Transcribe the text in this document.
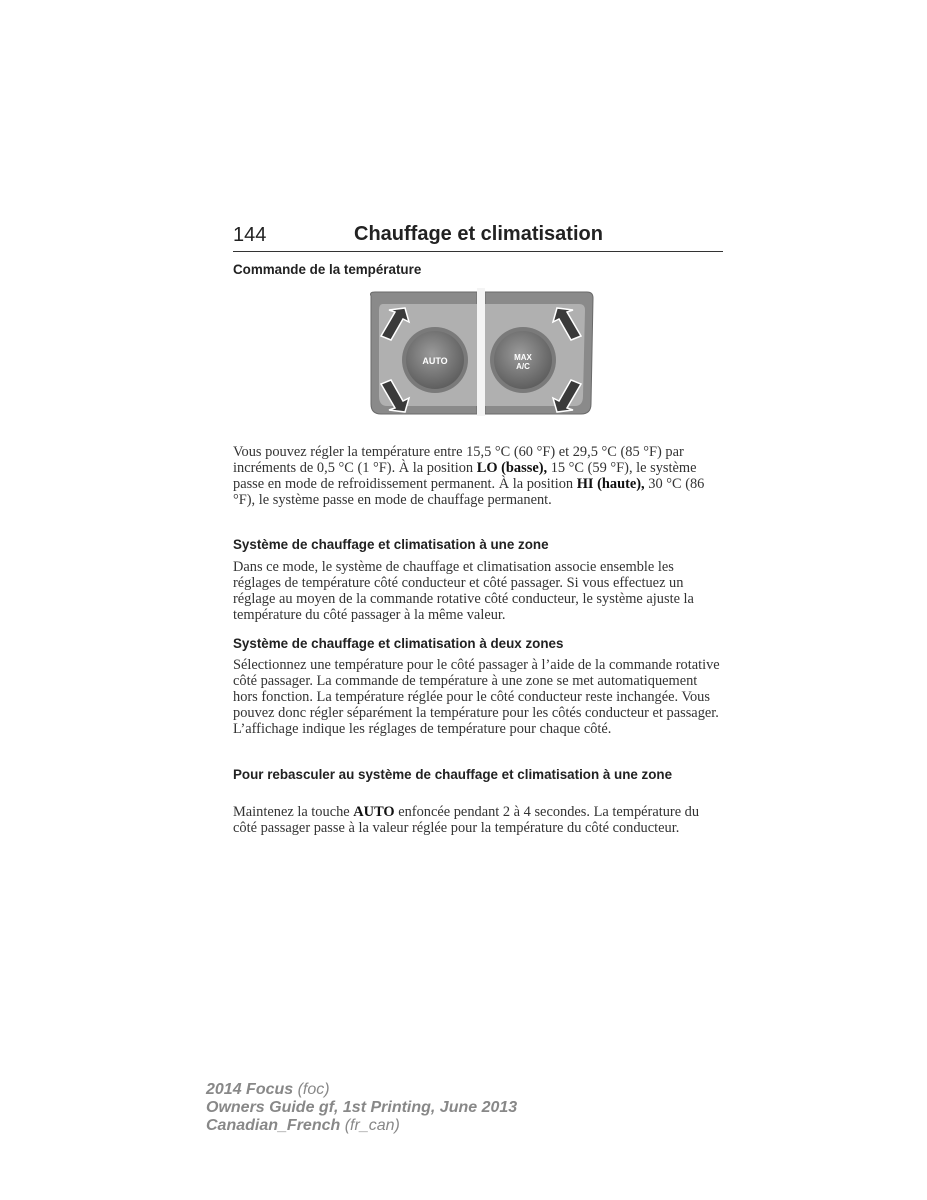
144	Chauffage et climatisation
Commande de la température
AUTO	MAX
A/C
Vous pouvez régler la température entre 15,5 °C (60 °F) et 29,5 °C (85 °F) par incréments de 0,5 °C (1 °F). À la position LO (basse), 15 °C (59 °F), le système passe en mode de refroidissement permanent. À la position HI (haute), 30 °C (86 °F), le système passe en mode de chauffage permanent.
Système de chauffage et climatisation à une zone
Dans ce mode, le système de chauffage et climatisation associe ensemble les réglages de température côté conducteur et côté passager. Si vous effectuez un réglage au moyen de la commande rotative côté conducteur, le système ajuste la température du côté passager à la même valeur.
Système de chauffage et climatisation à deux zones
Sélectionnez une température pour le côté passager à l’aide de la commande rotative côté passager. La commande de température à une zone se met automatiquement hors fonction. La température réglée pour le côté conducteur reste inchangée. Vous pouvez donc régler séparément la température pour les côtés conducteur et passager. L’affichage indique les réglages de température pour chaque côté.
Pour rebasculer au système de chauffage et climatisation à une zone
Maintenez la touche AUTO enfoncée pendant 2 à 4 secondes. La température du côté passager passe à la valeur réglée pour la température du côté conducteur.
2014 Focus (foc)
Owners Guide gf, 1st Printing, June 2013
Canadian_French (fr_can)
